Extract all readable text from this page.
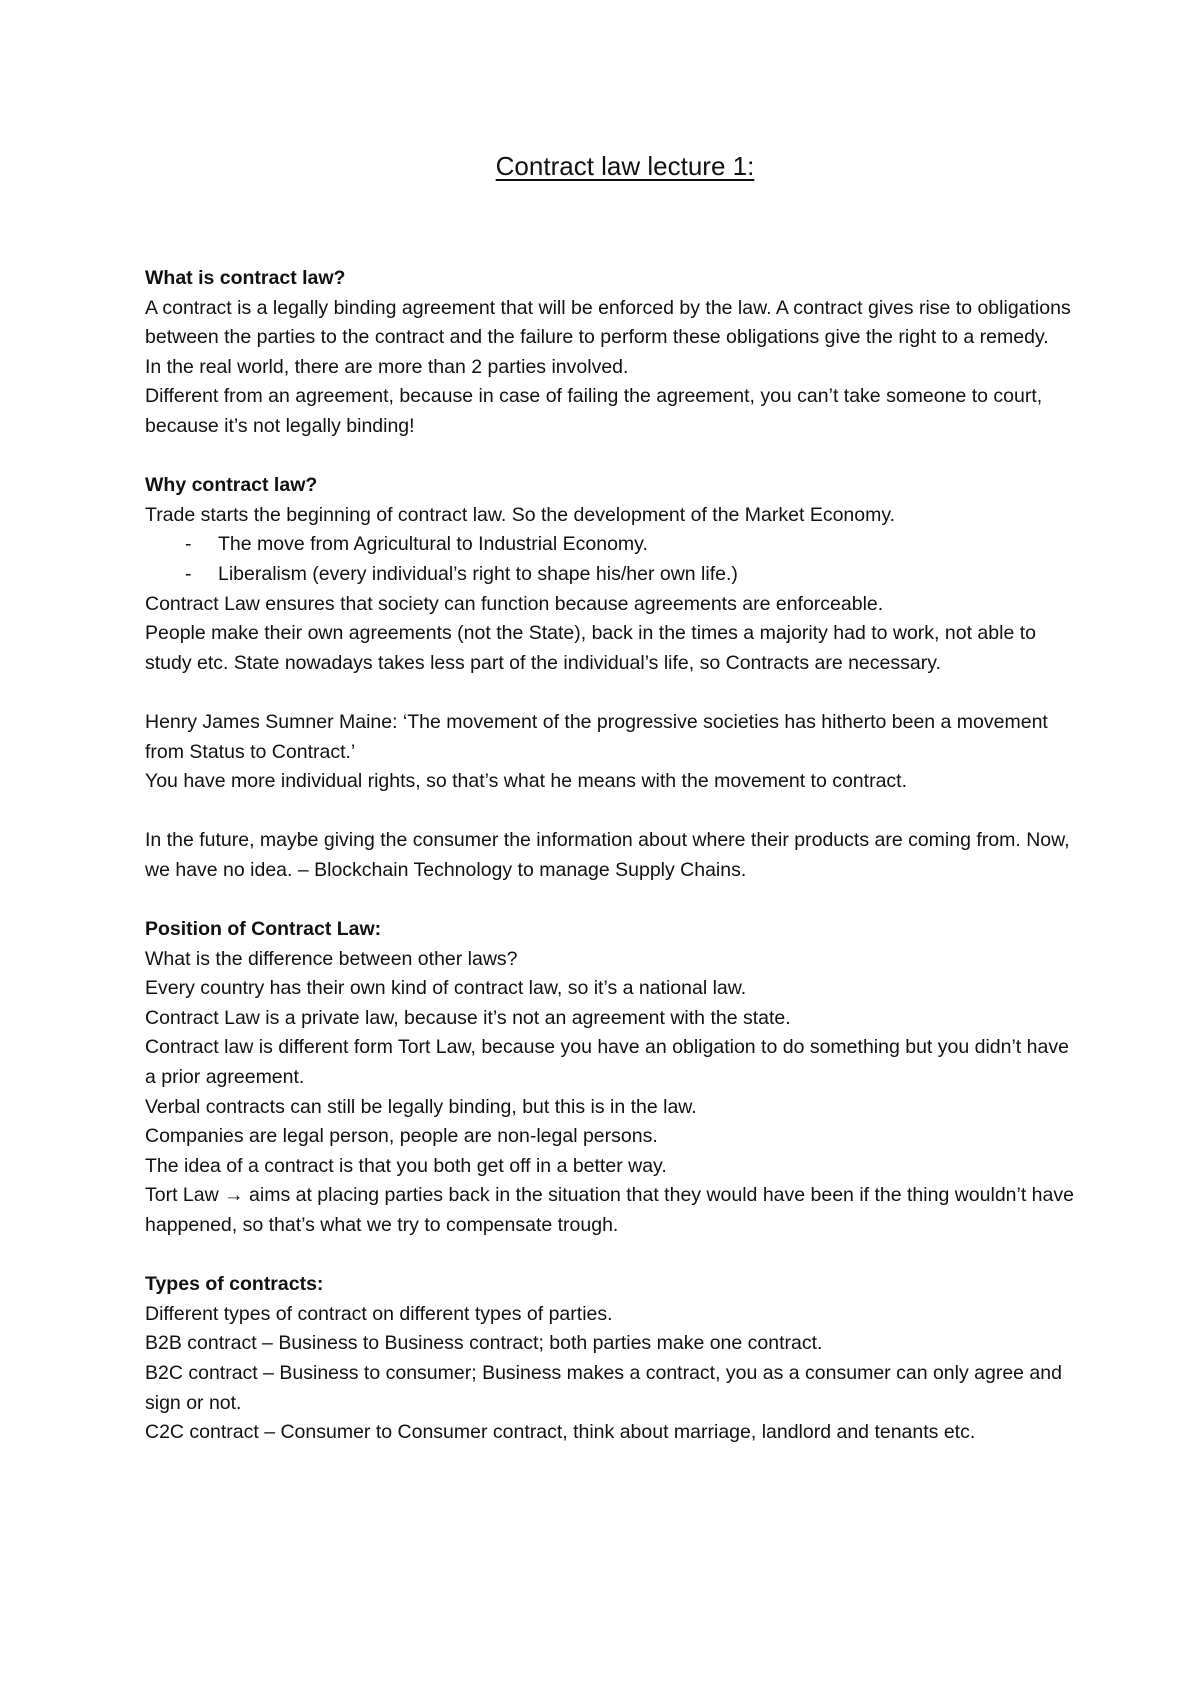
Contract law lecture 1:

What is contract law?

A contract is a legally binding agreement that will be enforced by the law. A contract gives rise to obligations between the parties to the contract and the failure to perform these obligations give the right to a remedy.

In the real world, there are more than 2 parties involved.

Different from an agreement, because in case of failing the agreement, you can’t take someone to court, because it’s not legally binding!

Why contract law?

Trade starts the beginning of contract law. So the development of the Market Economy.

- The move from Agricultural to Industrial Economy.
- Liberalism (every individual’s right to shape his/her own life.)

Contract Law ensures that society can function because agreements are enforceable.

People make their own agreements (not the State), back in the times a majority had to work, not able to study etc. State nowadays takes less part of the individual’s life, so Contracts are necessary.

Henry James Sumner Maine: ‘The movement of the progressive societies has hitherto been a movement from Status to Contract.’

You have more individual rights, so that’s what he means with the movement to contract.

In the future, maybe giving the consumer the information about where their products are coming from. Now, we have no idea. – Blockchain Technology to manage Supply Chains.

Position of Contract Law:

What is the difference between other laws?

Every country has their own kind of contract law, so it’s a national law.

Contract Law is a private law, because it’s not an agreement with the state.

Contract law is different form Tort Law, because you have an obligation to do something but you didn’t have a prior agreement.

Verbal contracts can still be legally binding, but this is in the law.

Companies are legal person, people are non-legal persons.

The idea of a contract is that you both get off in a better way.

Tort Law → aims at placing parties back in the situation that they would have been if the thing wouldn’t have happened, so that’s what we try to compensate trough.

Types of contracts:

Different types of contract on different types of parties.

B2B contract – Business to Business contract; both parties make one contract.

B2C contract – Business to consumer; Business makes a contract, you as a consumer can only agree and sign or not.

C2C contract – Consumer to Consumer contract, think about marriage, landlord and tenants etc.
